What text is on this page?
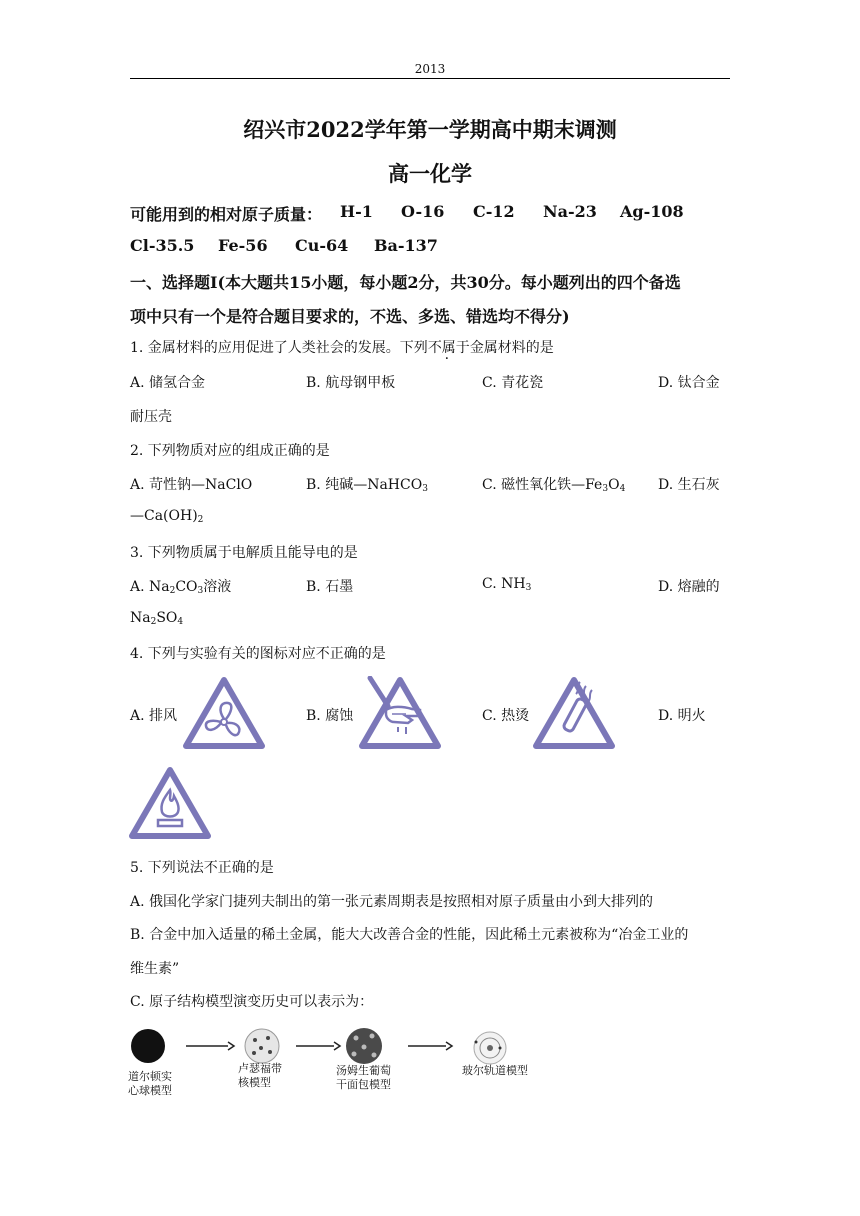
2013
绍兴市2022学年第一学期高中期末调测
高一化学
可能用到的相对原子质量： H-1 O-16 C-12 Na-23 Ag-108
Cl-35.5 Fe-56 Cu-64 Ba-137
一、选择题I(本大题共15小题，每小题2分，共30分。每小题列出的四个备选
项中只有一个是符合题目要求的，不选、多选、错选均不得分)
1. 金属材料的应用促进了人类社会的发展。下列不属于金属材料的是
A. 储氢合金	B. 航母钢甲板	C. 青花瓷	D. 钛合金
耐压壳
2. 下列物质对应的组成正确的是
A. 苛性钠—NaClO	B. 纯碱—NaHCO$_3$	C. 磁性氧化铁$—Fe_3O_4$ D. 生石灰
$—Ca(OH)_2$
3. 下列物质属于电解质且能导电的是
A. $Na_2CO_3$溶液	B. 石墨	C. $NH_3$	D. 熔融的
$Na_2SO_4$
4. 下列与实验有关的图标对应不正确的是
A. 排风	B. 腐蚀	C. 热烫	D. 明火
5. 下列说法不正确的是
A. 俄国化学家门捷列夫制出的第一张元素周期表是按照相对原子质量由小到大排列的
B. 合金中加入适量的稀土金属，能大大改善合金的性能，因此稀土元素被称为“冶金工业的
维生素”
C. 原子结构模型演变历史可以表示为：
道尔顿实
心球模型
卢瑟福带
核模型
汤姆生葡萄
干面包模型
玻尔轨道模型
